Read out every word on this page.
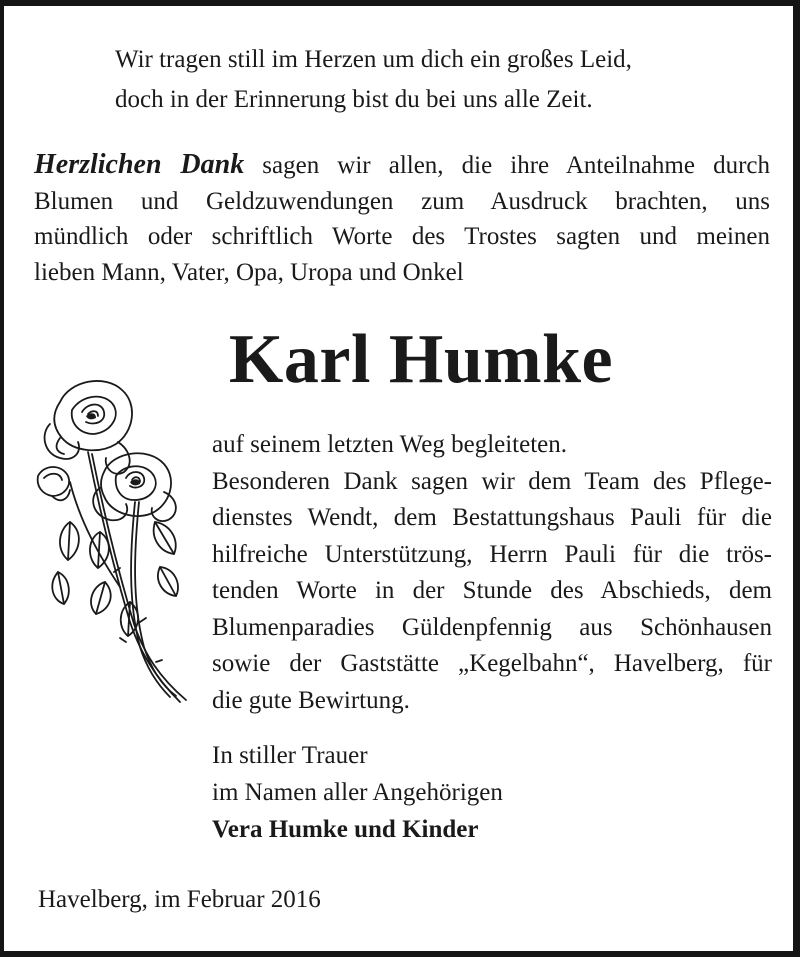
Wir tragen still im Herzen um dich ein großes Leid,

doch in der Erinnerung bist du bei uns alle Zeit.

Herzlichen Dank sagen wir allen, die ihre Anteilnahme durch
Blumen und Geldzuwendungen zum Ausdruck brachten, uns
mündlich oder schriftlich Worte des Trostes sagten und meinen
lieben Mann, Vater, Opa, Uropa und Onkel
Karl Humke
auf seinem letzten Weg begleiteten.
Besonderen Dank sagen wir dem Team des Pflege-
dienstes Wendt, dem Bestattungshaus Pauli für die
hilfreiche Unterstützung, Herrn Pauli für die trös-
tenden Worte in der Stunde des Abschieds, dem
Blumenparadies Güldenpfennig aus Schönhausen
sowie der Gaststätte „Kegelbahn“, Havelberg, für
die gute Bewirtung.
In stiller Trauer
im Namen aller Angehörigen
Vera Humke und Kinder
Havelberg, im Februar 2016
